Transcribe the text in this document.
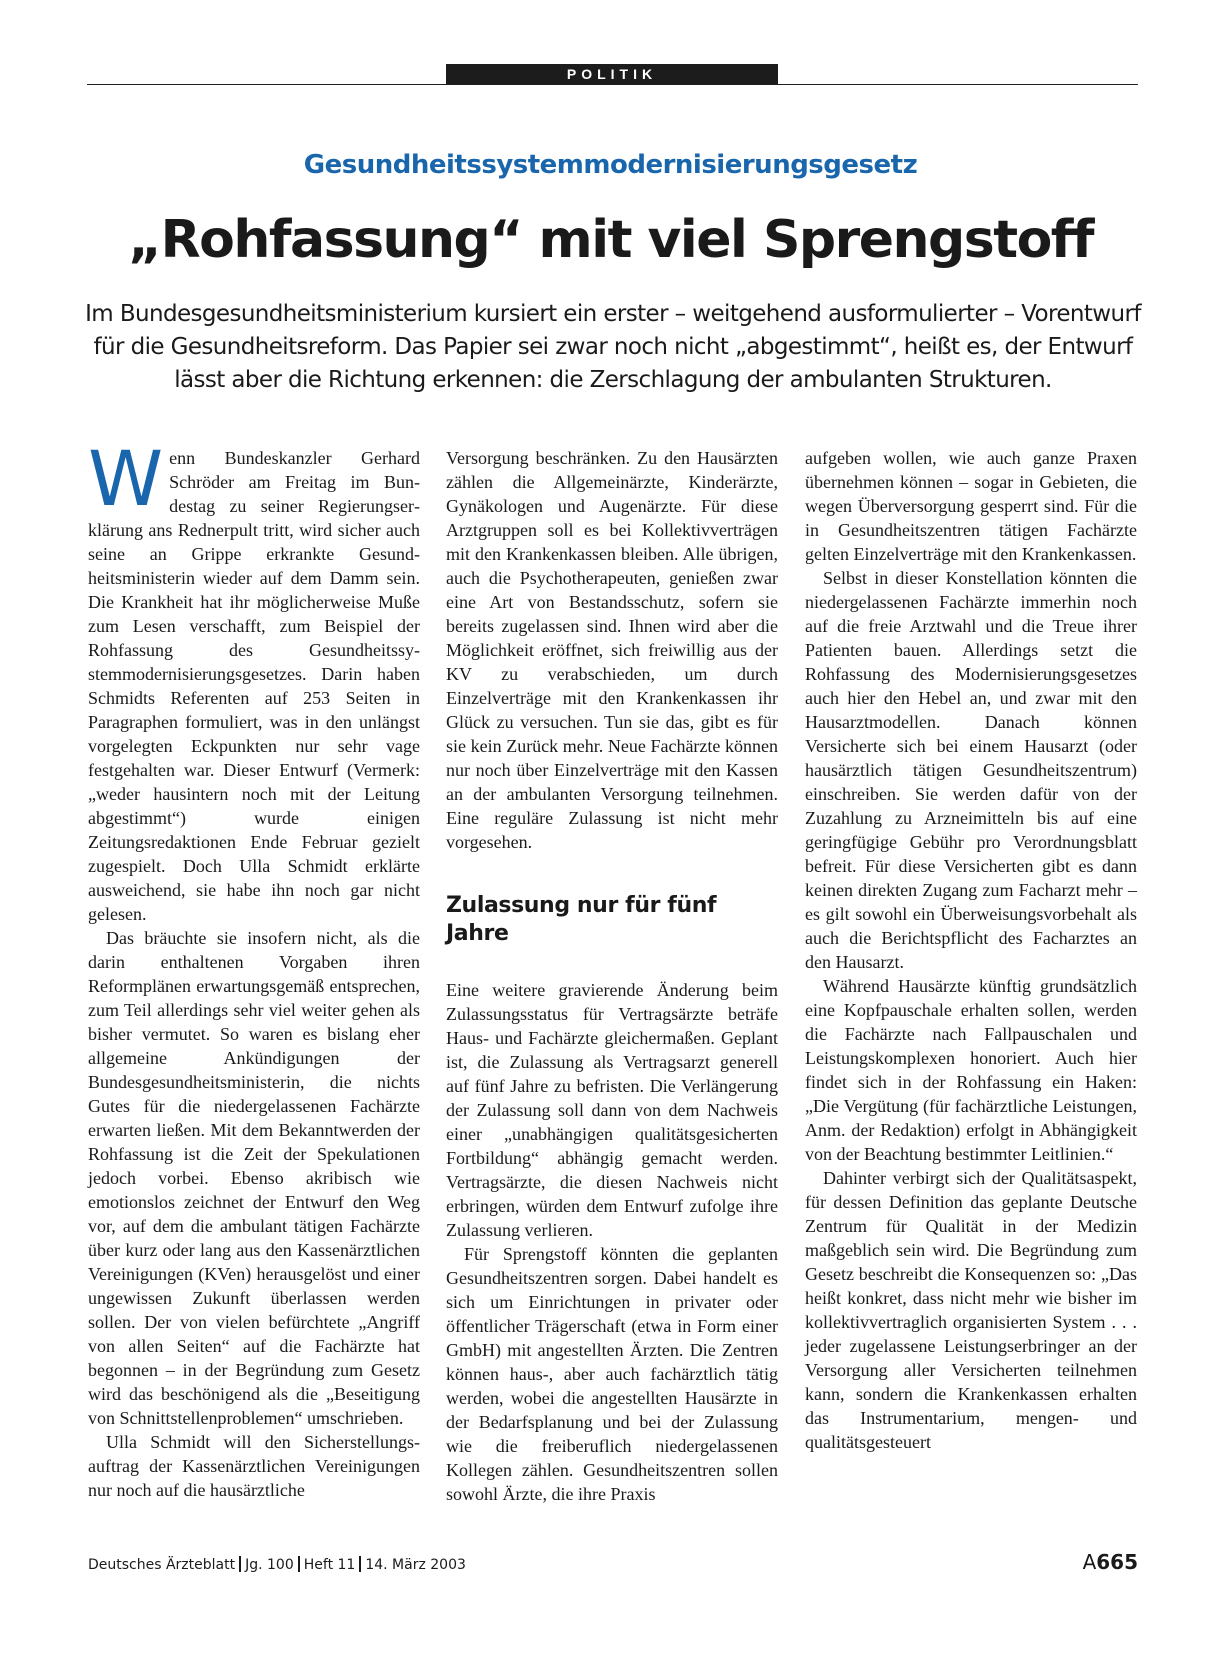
POLITIK
Gesundheitssystemmodernisierungsgesetz
„Rohfassung“ mit viel Sprengstoff
Im Bundesgesundheitsministerium kursiert ein erster – weitgehend ausformulierter – Vorentwurf für die Gesundheitsreform. Das Papier sei zwar noch nicht „abgestimmt“, heißt es, der Entwurf lässt aber die Richtung erkennen: die Zerschlagung der ambulanten Strukturen.

Wenn Bundeskanzler Gerhard Schröder am Freitag im Bundestag zu seiner Regierungserklärung ans Rednerpult tritt, wird sicher auch seine an Grippe erkrankte Gesundheitsministerin wieder auf dem Damm sein. Die Krankheit hat ihr möglicherweise Muße zum Lesen verschafft, zum Beispiel der Rohfassung des Gesundheitssystemmodernisierungsgesetzes. Darin haben Schmidts Referenten auf 253 Seiten in Paragraphen formuliert, was in den unlängst vorgelegten Eckpunkten nur sehr vage festgehalten war. Dieser Entwurf (Vermerk: „weder hausintern noch mit der Leitung abgestimmt“) wurde einigen Zeitungsredaktionen Ende Februar gezielt zugespielt. Doch Ulla Schmidt erklärte ausweichend, sie habe ihn noch gar nicht gelesen.

Das bräuchte sie insofern nicht, als die darin enthaltenen Vorgaben ihren Reformplänen erwartungsgemäß entsprechen, zum Teil allerdings sehr viel weiter gehen als bisher vermutet. So waren es bislang eher allgemeine Ankündigungen der Bundesgesundheitsministerin, die nichts Gutes für die niedergelassenen Fachärzte erwarten ließen. Mit dem Bekanntwerden der Rohfassung ist die Zeit der Spekulationen jedoch vorbei. Ebenso akribisch wie emotionslos zeichnet der Entwurf den Weg vor, auf dem die ambulant tätigen Fachärzte über kurz oder lang aus den Kassenärztlichen Vereinigungen (KVen) herausgelöst und einer ungewissen Zukunft überlassen werden sollen. Der von vielen befürchtete „Angriff von allen Seiten“ auf die Fachärzte hat begonnen – in der Begründung zum Gesetz wird das beschönigend als die „Beseitigung von Schnittstellenproblemen“ umschrieben.

Ulla Schmidt will den Sicherstellungsauftrag der Kassenärztlichen Vereinigungen nur noch auf die hausärztliche

Versorgung beschränken. Zu den Hausärzten zählen die Allgemeinärzte, Kinderärzte, Gynäkologen und Augenärzte. Für diese Arztgruppen soll es bei Kollektivverträgen mit den Krankenkassen bleiben. Alle übrigen, auch die Psychotherapeuten, genießen zwar eine Art von Bestandsschutz, sofern sie bereits zugelassen sind. Ihnen wird aber die Möglichkeit eröffnet, sich freiwillig aus der KV zu verabschieden, um durch Einzelverträge mit den Krankenkassen ihr Glück zu versuchen. Tun sie das, gibt es für sie kein Zurück mehr. Neue Fachärzte können nur noch über Einzelverträge mit den Kassen an der ambulanten Versorgung teilnehmen. Eine reguläre Zulassung ist nicht mehr vorgesehen.

Zulassung nur für fünf Jahre

Eine weitere gravierende Änderung beim Zulassungsstatus für Vertragsärzte beträfe Haus- und Fachärzte gleichermaßen. Geplant ist, die Zulassung als Vertragsarzt generell auf fünf Jahre zu befristen. Die Verlängerung der Zulassung soll dann von dem Nachweis einer „unabhängigen qualitätsgesicherten Fortbildung“ abhängig gemacht werden. Vertragsärzte, die diesen Nachweis nicht erbringen, würden dem Entwurf zufolge ihre Zulassung verlieren.

Für Sprengstoff könnten die geplanten Gesundheitszentren sorgen. Dabei handelt es sich um Einrichtungen in privater oder öffentlicher Trägerschaft (etwa in Form einer GmbH) mit angestellten Ärzten. Die Zentren können haus-, aber auch fachärztlich tätig werden, wobei die angestellten Hausärzte in der Bedarfsplanung und bei der Zulassung wie die freiberuflich niedergelassenen Kollegen zählen. Gesundheitszentren sollen sowohl Ärzte, die ihre Praxis

aufgeben wollen, wie auch ganze Praxen übernehmen können – sogar in Gebieten, die wegen Überversorgung gesperrt sind. Für die in Gesundheitszentren tätigen Fachärzte gelten Einzelverträge mit den Krankenkassen.

Selbst in dieser Konstellation könnten die niedergelassenen Fachärzte immerhin noch auf die freie Arztwahl und die Treue ihrer Patienten bauen. Allerdings setzt die Rohfassung des Modernisierungsgesetzes auch hier den Hebel an, und zwar mit den Hausarztmodellen. Danach können Versicherte sich bei einem Hausarzt (oder hausärztlich tätigen Gesundheitszentrum) einschreiben. Sie werden dafür von der Zuzahlung zu Arzneimitteln bis auf eine geringfügige Gebühr pro Verordnungsblatt befreit. Für diese Versicherten gibt es dann keinen direkten Zugang zum Facharzt mehr – es gilt sowohl ein Überweisungsvorbehalt als auch die Berichtspflicht des Facharztes an den Hausarzt.

Während Hausärzte künftig grundsätzlich eine Kopfpauschale erhalten sollen, werden die Fachärzte nach Fallpauschalen und Leistungskomplexen honoriert. Auch hier findet sich in der Rohfassung ein Haken: „Die Vergütung (für fachärztliche Leistungen, Anm. der Redaktion) erfolgt in Abhängigkeit von der Beachtung bestimmter Leitlinien.“

Dahinter verbirgt sich der Qualitätsaspekt, für dessen Definition das geplante Deutsche Zentrum für Qualität in der Medizin maßgeblich sein wird. Die Begründung zum Gesetz beschreibt die Konsequenzen so: „Das heißt konkret, dass nicht mehr wie bisher im kollektivvertraglich organisierten System . . . jeder zugelassene Leistungserbringer an der Versorgung aller Versicherten teilnehmen kann, sondern die Krankenkassen erhalten das Instrumentarium, mengen- und qualitätsgesteuert

Deutsches Ärzteblatt Jg. 100 Heft 11 14. März 2003	A665
